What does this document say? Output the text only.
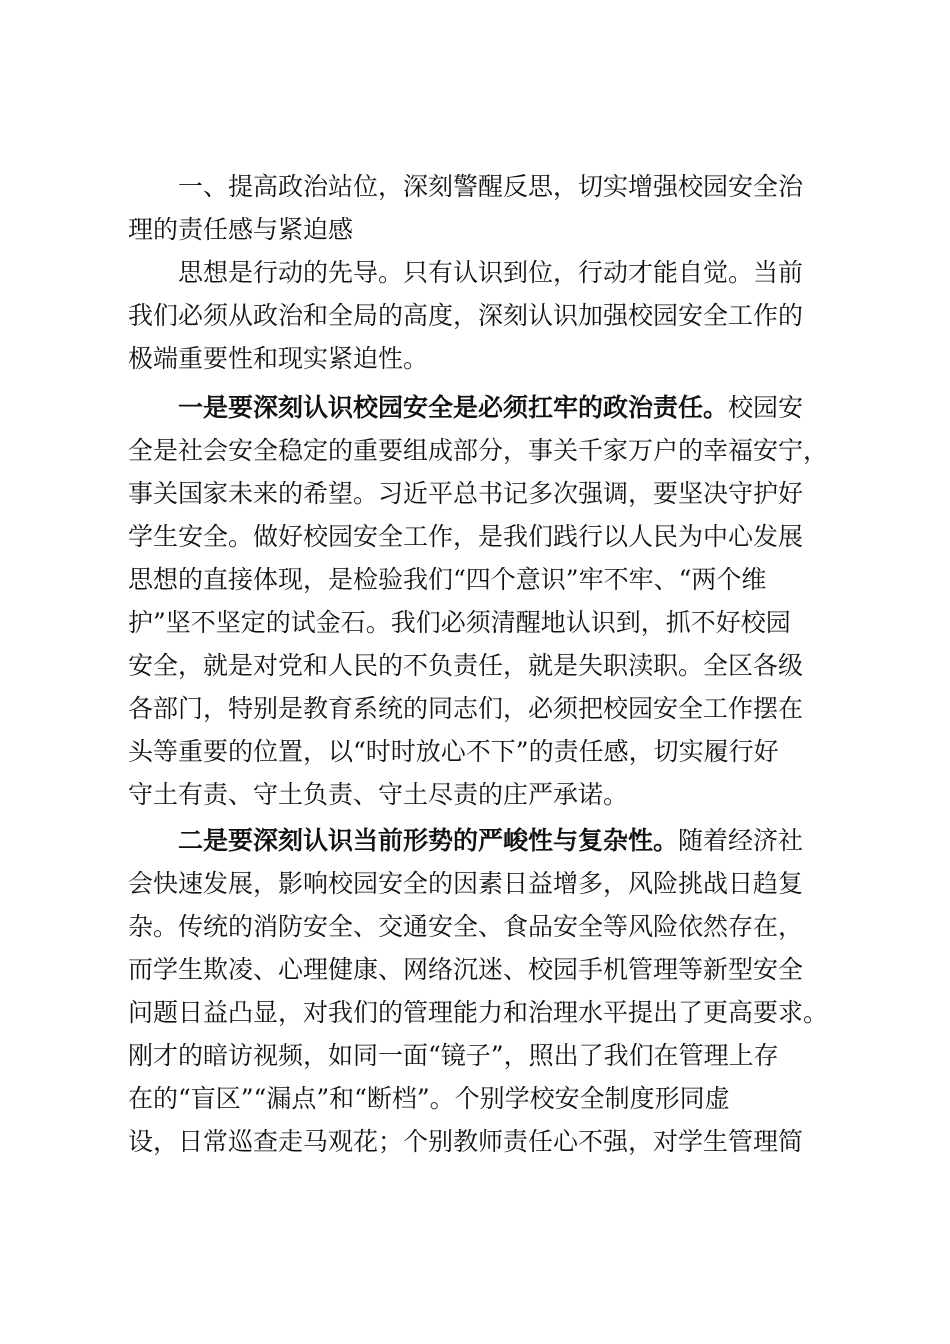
一、提高政治站位，深刻警醒反思，切实增强校园安全治

理的责任感与紧迫感

思想是行动的先导。只有认识到位，行动才能自觉。当前

我们必须从政治和全局的高度，深刻认识加强校园安全工作的

极端重要性和现实紧迫性。

一是要深刻认识校园安全是必须扛牢的政治责任。校园安

全是社会安全稳定的重要组成部分，事关千家万户的幸福安宁，

事关国家未来的希望。习近平总书记多次强调，要坚决守护好

学生安全。做好校园安全工作，是我们践行以人民为中心发展

思想的直接体现，是检验我们“四个意识”牢不牢、“两个维

护”坚不坚定的试金石。我们必须清醒地认识到，抓不好校园

安全，就是对党和人民的不负责任，就是失职渎职。全区各级

各部门，特别是教育系统的同志们，必须把校园安全工作摆在

头等重要的位置，以“时时放心不下”的责任感，切实履行好

守土有责、守土负责、守土尽责的庄严承诺。

二是要深刻认识当前形势的严峻性与复杂性。随着经济社

会快速发展，影响校园安全的因素日益增多，风险挑战日趋复

杂。传统的消防安全、交通安全、食品安全等风险依然存在，

而学生欺凌、心理健康、网络沉迷、校园手机管理等新型安全

问题日益凸显，对我们的管理能力和治理水平提出了更高要求。

刚才的暗访视频，如同一面“镜子”，照出了我们在管理上存

在的“盲区”“漏点”和“断档”。个别学校安全制度形同虚

设，日常巡查走马观花；个别教师责任心不强，对学生管理简
